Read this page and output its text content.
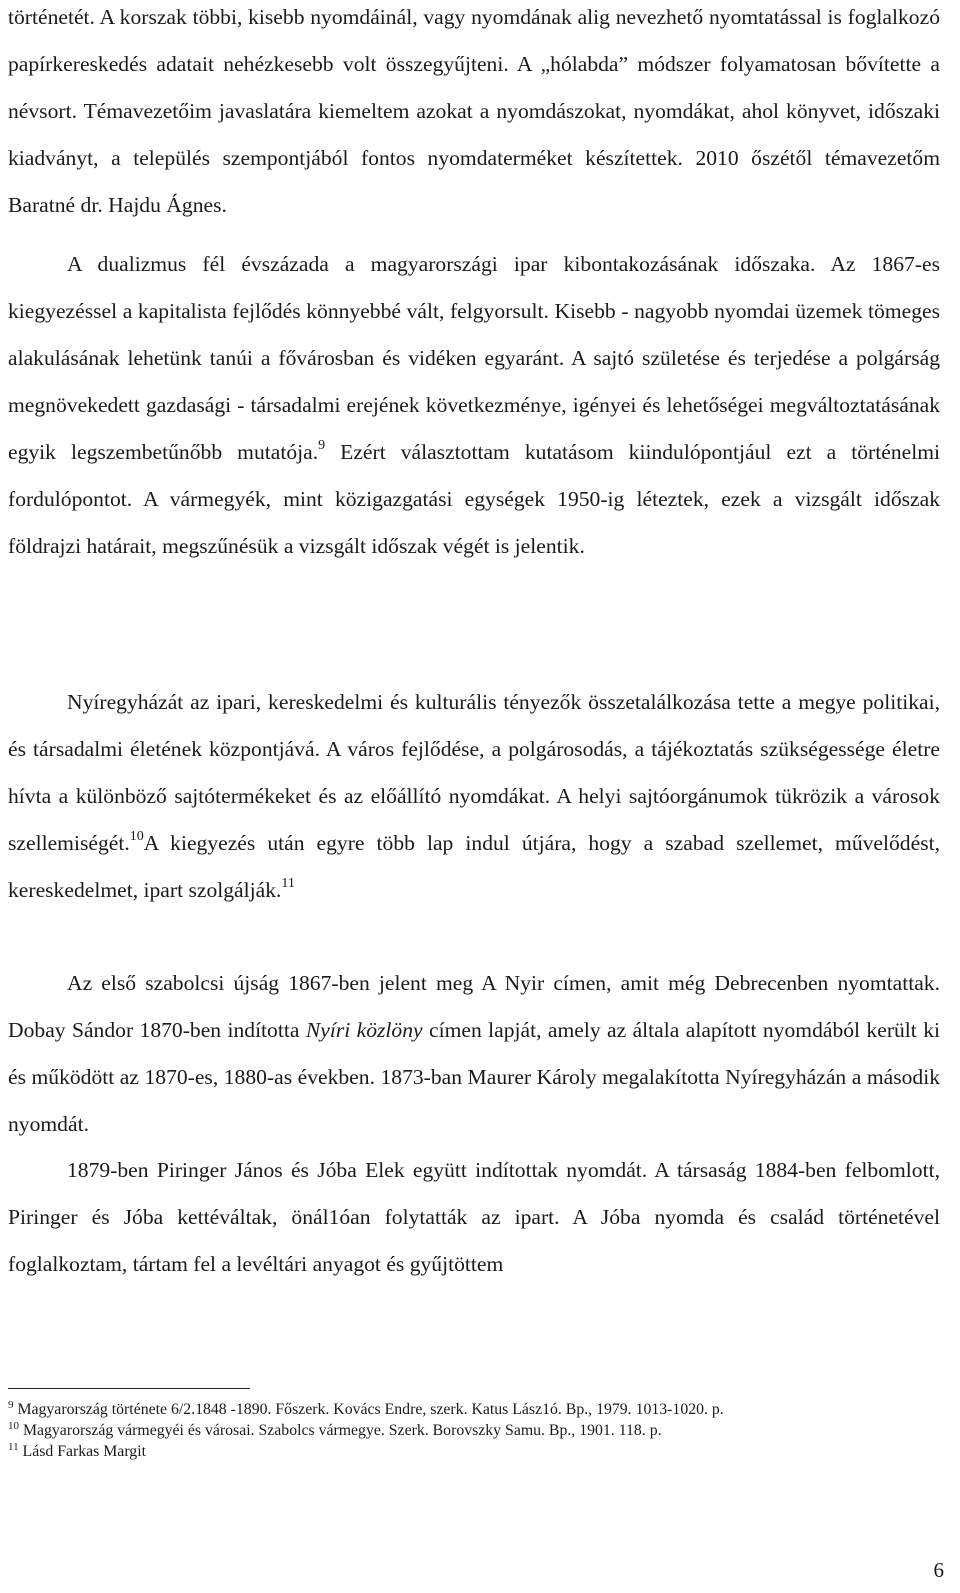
történetét. A korszak többi, kisebb nyomdáinál, vagy nyomdának alig nevezhető nyomtatással is foglalkozó papírkereskedés adatait nehézkesebb volt összegyűjteni. A „hólabda” módszer folyamatosan bővítette a névsort. Témavezetőim javaslatára kiemeltem azokat a nyomdászokat, nyomdákat, ahol könyvet, időszaki kiadványt, a település szempontjából fontos nyomdaterméket készítettek. 2010 őszétől témavezetőm Baratné dr. Hajdu Ágnes.

A dualizmus fél évszázada a magyarországi ipar kibontakozásának időszaka. Az 1867-es kiegyezéssel a kapitalista fejlődés könnyebbé vált, felgyorsult. Kisebb - nagyobb nyomdai üzemek tömeges alakulásának lehetünk tanúi a fővárosban és vidéken egyaránt. A sajtó születése és terjedése a polgárság megnövekedett gazdasági - társadalmi erejének következménye, igényei és lehetőségei megváltoztatásának egyik legszembetűnőbb mutatója.$^9$ Ezért választottam kutatásom kiindulópontjául ezt a történelmi fordulópontot. A vármegyék, mint közigazgatási egységek 1950-ig léteztek, ezek a vizsgált időszak földrajzi határait, megszűnésük a vizsgált időszak végét is jelentik.

Nyíregyházát az ipari, kereskedelmi és kulturális tényezők összetalálkozása tette a megye politikai, és társadalmi életének központjává. A város fejlődése, a polgárosodás, a tájékoztatás szükségessége életre hívta a különböző sajtótermékeket és az előállító nyomdákat. A helyi sajtóorgánumok tükrözik a városok szellemiségét.$^{10}$A kiegyezés után egyre több lap indul útjára, hogy a szabad szellemet, művelődést, kereskedelmet, ipart szolgálják.$^{11}$

Az első szabolcsi újság 1867-ben jelent meg A Nyir címen, amit még Debrecenben nyomtattak. Dobay Sándor 1870-ben indította Nyíri közlöny címen lapját, amely az általa alapított nyomdából került ki és működött az 1870-es, 1880-as években. 1873-ban Maurer Károly megalakította Nyíregyházán a második nyomdát.

1879-ben Piringer János és Jóba Elek együtt indítottak nyomdát. A társaság 1884-ben felbomlott, Piringer és Jóba kettéváltak, önál1óan folytatták az ipart. A Jóba nyomda és család történetével foglalkoztam, tártam fel a levéltári anyagot és gyűjtöttem

$^9$ Magyarország története 6/2.1848 -1890. Főszerk. Kovács Endre, szerk. Katus Lász1ó. Bp., 1979. 1013-1020. p.

$^{10}$ Magyarország vármegyéi és városai. Szabolcs vármegye. Szerk. Borovszky Samu. Bp., 1901. 118. p.

$^{11}$ Lásd Farkas Margit

6
